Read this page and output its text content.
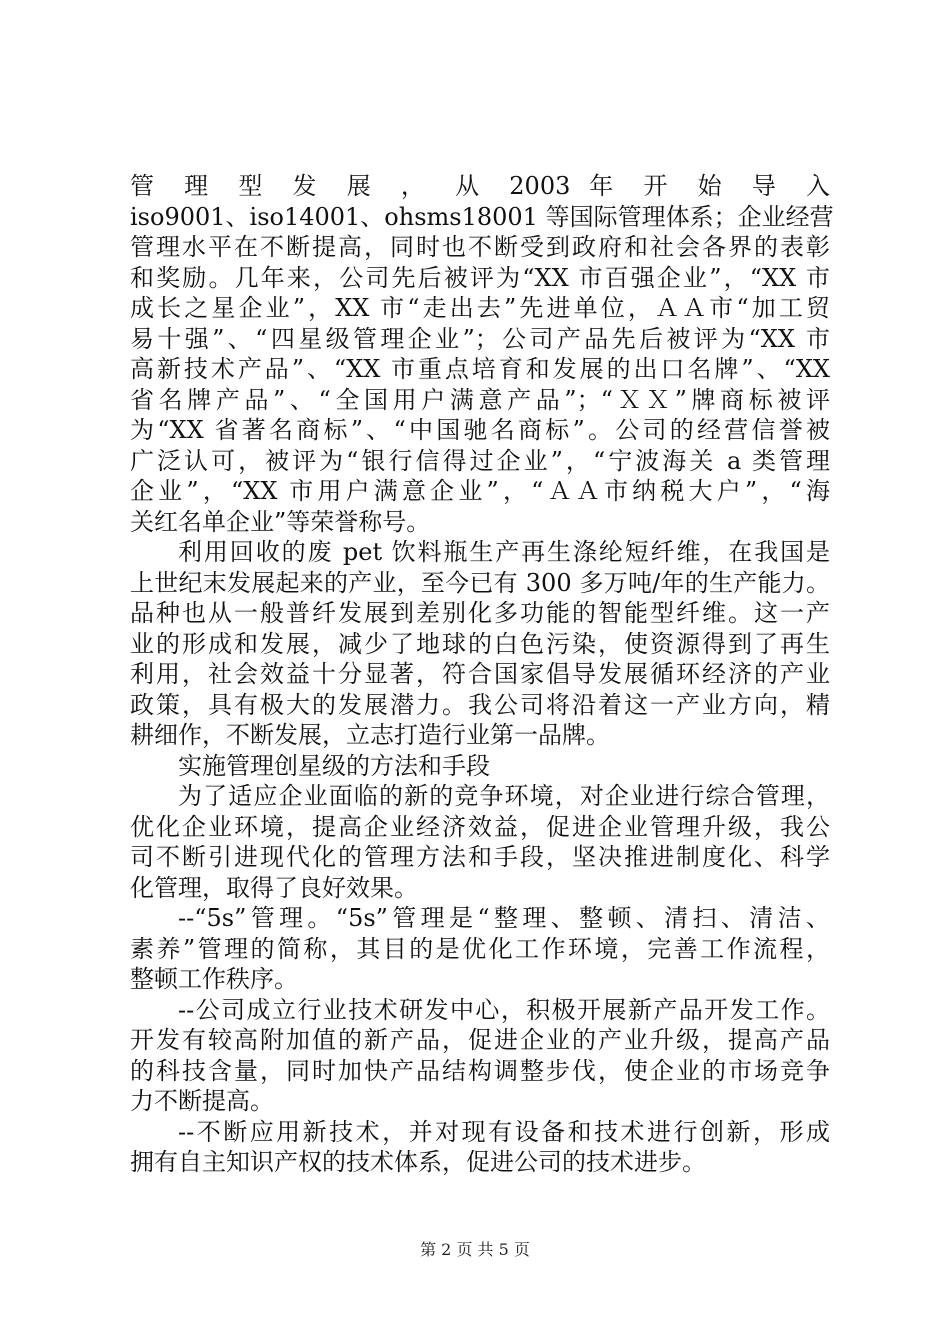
管 理 型 发 展 ， 从 2003 年 开 始 导 入
iso9001、iso14001、ohsms18001 等国际管理体系；企业经营
管理水平在不断提高，同时也不断受到政府和社会各界的表彰
和奖励。几年来，公司先后被评为“XX 市百强企业”，“XX 市
成长之星企业”，XX 市“走出去”先进单位，ＡＡ市“加工贸
易十强”、“四星级管理企业”；公司产品先后被评为“XX 市
高新技术产品”、“XX 市重点培育和发展的出口名牌”、“XX
省名牌产品”、“全国用户满意产品”；“ＸＸ”牌商标被评
为“XX 省著名商标”、“中国驰名商标”。公司的经营信誉被
广泛认可，被评为“银行信得过企业”，“宁波海关 a 类管理
企业”，“XX 市用户满意企业”，“ＡＡ市纳税大户”，“海
关红名单企业”等荣誉称号。
利用回收的废 pet 饮料瓶生产再生涤纶短纤维，在我国是
上世纪末发展起来的产业，至今已有 300 多万吨/年的生产能力。
品种也从一般普纤发展到差别化多功能的智能型纤维。这一产
业的形成和发展，减少了地球的白色污染，使资源得到了再生
利用，社会效益十分显著，符合国家倡导发展循环经济的产业
政策，具有极大的发展潜力。我公司将沿着这一产业方向，精
耕细作，不断发展，立志打造行业第一品牌。
实施管理创星级的方法和手段
为了适应企业面临的新的竞争环境，对企业进行综合管理，
优化企业环境，提高企业经济效益，促进企业管理升级，我公
司不断引进现代化的管理方法和手段，坚决推进制度化、科学
化管理，取得了良好效果。
--“5s”管理。“5s”管理是“整理、整顿、清扫、清洁、
素养”管理的简称，其目的是优化工作环境，完善工作流程，
整顿工作秩序。
--公司成立行业技术研发中心，积极开展新产品开发工作。
开发有较高附加值的新产品，促进企业的产业升级，提高产品
的科技含量，同时加快产品结构调整步伐，使企业的市场竞争
力不断提高。
--不断应用新技术，并对现有设备和技术进行创新，形成
拥有自主知识产权的技术体系，促进公司的技术进步。
第 2 页 共 5 页
